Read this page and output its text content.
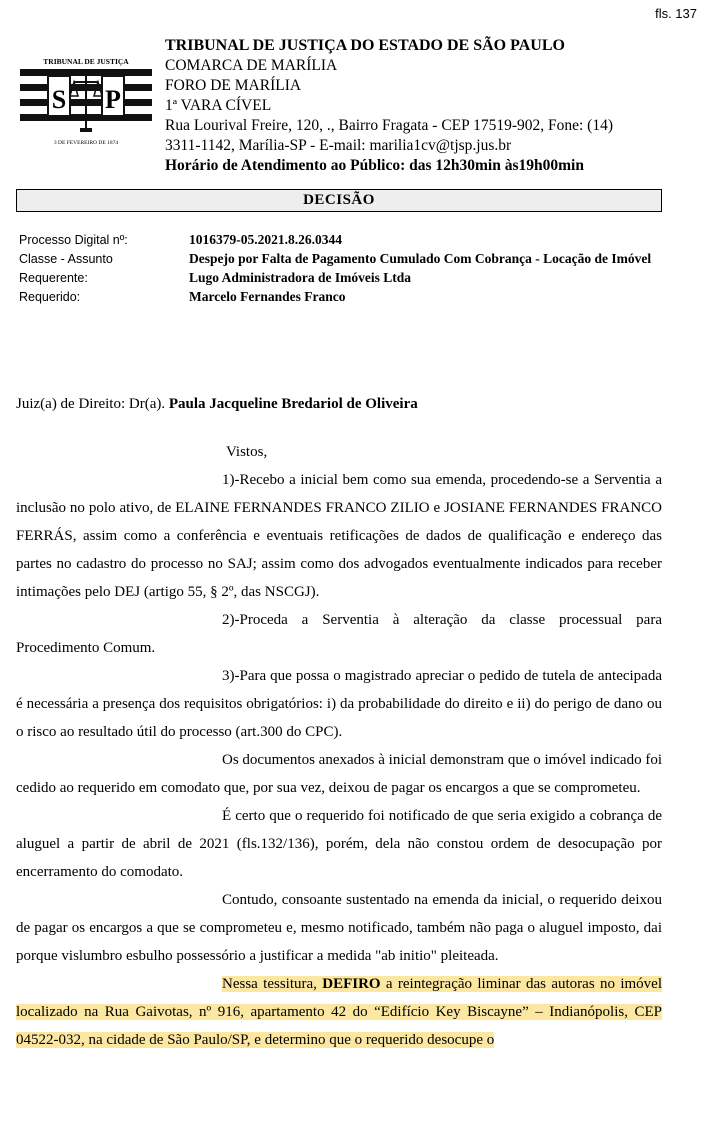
fls. 137
TRIBUNAL DE JUSTIÇA
S P
3 DE FEVEREIRO DE 1874
TRIBUNAL DE JUSTIÇA DO ESTADO DE SÃO PAULO
COMARCA DE MARÍLIA
FORO DE MARÍLIA
1ª VARA CÍVEL
Rua Lourival Freire, 120, ., Bairro Fragata - CEP 17519-902, Fone: (14)
3311-1142, Marília-SP - E-mail: marilia1cv@tjsp.jus.br
Horário de Atendimento ao Público: das 12h30min às19h00min
DECISÃO
Processo Digital nº:	1016379-05.2021.8.26.0344
Classe - Assunto	Despejo por Falta de Pagamento Cumulado Com Cobrança - Locação de Imóvel
Requerente:	Lugo Administradora de Imóveis Ltda
Requerido:	Marcelo Fernandes Franco
Juiz(a) de Direito: Dr(a). Paula Jacqueline Bredariol de Oliveira

Vistos,

1)-Recebo a inicial bem como sua emenda, procedendo-se a Serventia a inclusão no polo ativo, de ELAINE FERNANDES FRANCO ZILIO e JOSIANE FERNANDES FRANCO FERRÁS, assim como a conferência e eventuais retificações de dados de qualificação e endereço das partes no cadastro do processo no SAJ; assim como dos advogados eventualmente indicados para receber intimações pelo DEJ (artigo 55, § 2º, das NSCGJ).

2)-Proceda a Serventia à alteração da classe processual para Procedimento Comum.

3)-Para que possa o magistrado apreciar o pedido de tutela de antecipada é necessária a presença dos requisitos obrigatórios: i) da probabilidade do direito e ii) do perigo de dano ou o risco ao resultado útil do processo (art.300 do CPC).

Os documentos anexados à inicial demonstram que o imóvel indicado foi cedido ao requerido em comodato que, por sua vez, deixou de pagar os encargos a que se comprometeu.

É certo que o requerido foi notificado de que seria exigido a cobrança de aluguel a partir de abril de 2021 (fls.132/136), porém, dela não constou ordem de desocupação por encerramento do comodato.

Contudo, consoante sustentado na emenda da inicial, o requerido deixou de pagar os encargos a que se comprometeu e, mesmo notificado, também não paga o aluguel imposto, dai porque vislumbro esbulho possessório a justificar a medida "ab initio" pleiteada.

Nessa tessitura, DEFIRO a reintegração liminar das autoras no imóvel localizado na Rua Gaivotas, nº 916, apartamento 42 do “Edifício Key Biscayne” – Indianópolis, CEP 04522-032, na cidade de São Paulo/SP, e determino que o requerido desocupe o
